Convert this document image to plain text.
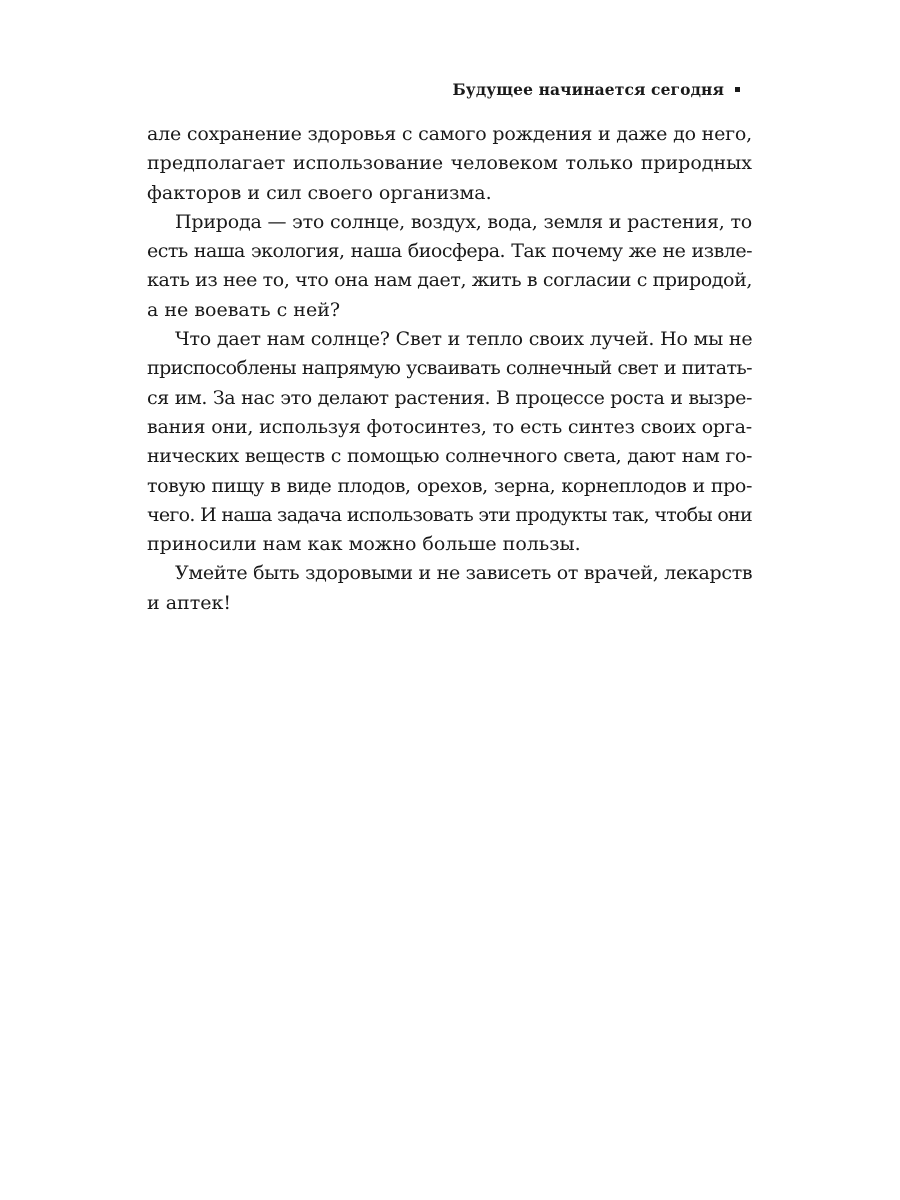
Будущее начинается сегодня
але сохранение здоровья с самого рождения и даже до него,
предполагает использование человеком только природных
факторов и сил своего организма.
Природа — это солнце, воздух, вода, земля и растения, то
есть наша экология, наша биосфера. Так почему же не извле-
кать из нее то, что она нам дает, жить в согласии с природой,
а не воевать с ней?
Что дает нам солнце? Свет и тепло своих лучей. Но мы не
приспособлены напрямую усваивать солнечный свет и питать-
ся им. За нас это делают растения. В процессе роста и вызре-
вания они, используя фотосинтез, то есть синтез своих орга-
нических веществ с помощью солнечного света, дают нам го-
товую пищу в виде плодов, орехов, зерна, корнеплодов и про-
чего. И наша задача использовать эти продукты так, чтобы они
приносили нам как можно больше пользы.
Умейте быть здоровыми и не зависеть от врачей, лекарств
и аптек!
